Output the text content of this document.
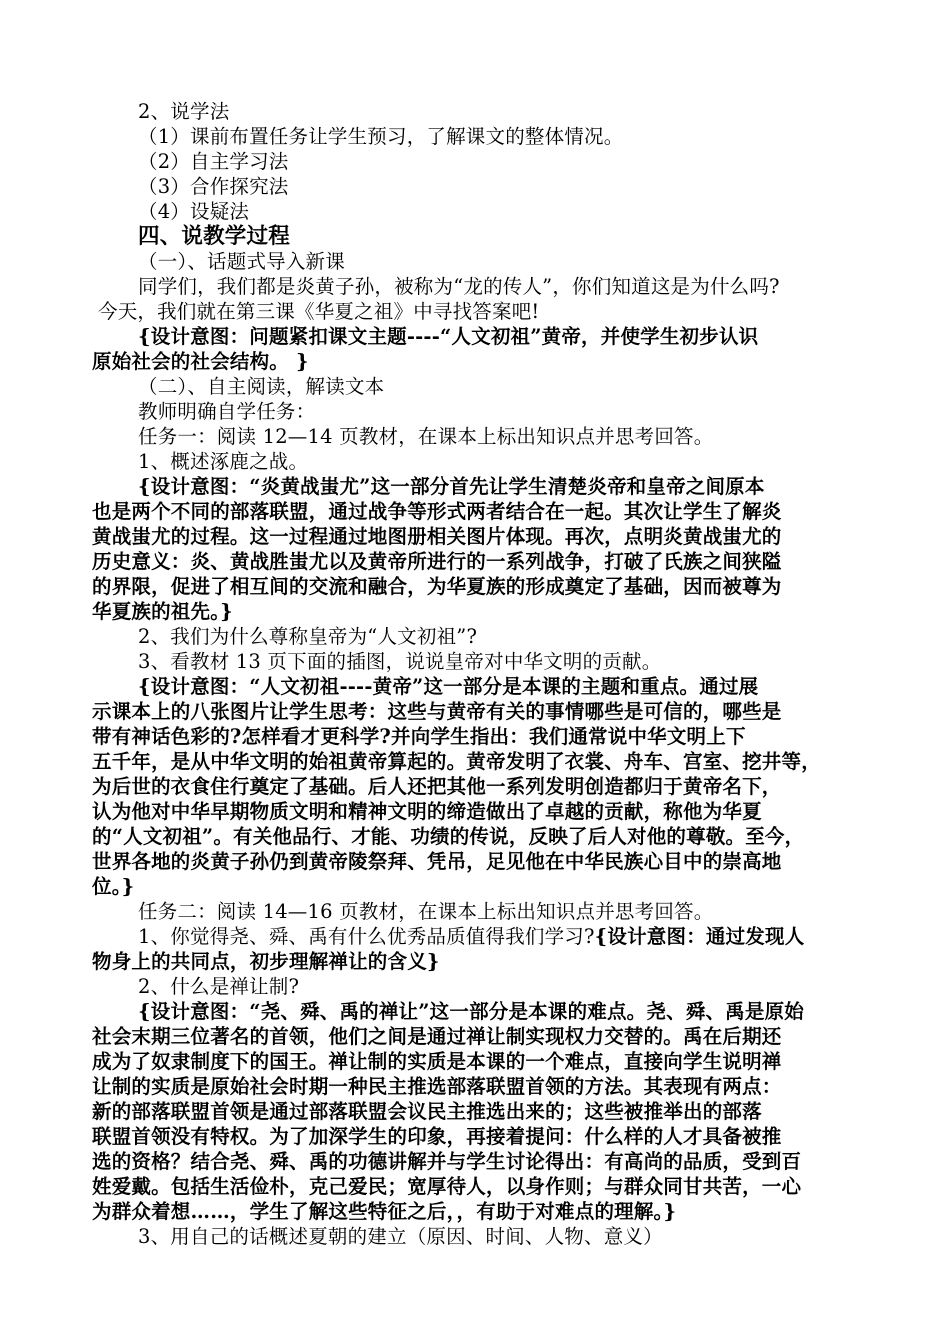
2、说学法
（1）课前布置任务让学生预习，了解课文的整体情况。
（2）自主学习法
（3）合作探究法
（4）设疑法
四、说教学过程
（一）、话题式导入新课
同学们，我们都是炎黄子孙，被称为“龙的传人”，你们知道这是为什么吗?
今天，我们就在第三课《华夏之祖》中寻找答案吧!
{设计意图：问题紧扣课文主题----“人文初祖”黄帝，并使学生初步认识
原始社会的社会结构。 }
（二）、自主阅读，解读文本
教师明确自学任务：
任务一：阅读 12—14 页教材，在课本上标出知识点并思考回答。
1、概述涿鹿之战。
{设计意图：“炎黄战蚩尤”这一部分首先让学生清楚炎帝和皇帝之间原本
也是两个不同的部落联盟，通过战争等形式两者结合在一起。其次让学生了解炎
黄战蚩尤的过程。这一过程通过地图册相关图片体现。再次，点明炎黄战蚩尤的
历史意义：炎、黄战胜蚩尤以及黄帝所进行的一系列战争，打破了氏族之间狭隘
的界限，促进了相互间的交流和融合，为华夏族的形成奠定了基础，因而被尊为
华夏族的祖先。}
2、我们为什么尊称皇帝为“人文初祖”?
3、看教材 13 页下面的插图，说说皇帝对中华文明的贡献。
{设计意图：“人文初祖----黄帝”这一部分是本课的主题和重点。通过展
示课本上的八张图片让学生思考：这些与黄帝有关的事情哪些是可信的，哪些是
带有神话色彩的?怎样看才更科学?并向学生指出：我们通常说中华文明上下
五千年，是从中华文明的始祖黄帝算起的。黄帝发明了衣裳、舟车、宫室、挖井等，
为后世的衣食住行奠定了基础。后人还把其他一系列发明创造都归于黄帝名下，
认为他对中华早期物质文明和精神文明的缔造做出了卓越的贡献，称他为华夏
的“人文初祖”。有关他品行、才能、功绩的传说，反映了后人对他的尊敬。至今，
世界各地的炎黄子孙仍到黄帝陵祭拜、凭吊，足见他在中华民族心目中的崇高地
位。}
任务二：阅读 14—16 页教材，在课本上标出知识点并思考回答。
1、你觉得尧、舜、禹有什么优秀品质值得我们学习?{设计意图：通过发现人
物身上的共同点，初步理解禅让的含义}
2、什么是禅让制?
{设计意图：“尧、舜、禹的禅让”这一部分是本课的难点。尧、舜、禹是原始
社会末期三位著名的首领，他们之间是通过禅让制实现权力交替的。禹在后期还
成为了奴隶制度下的国王。禅让制的实质是本课的一个难点，直接向学生说明禅
让制的实质是原始社会时期一种民主推选部落联盟首领的方法。其表现有两点：
新的部落联盟首领是通过部落联盟会议民主推选出来的；这些被推举出的部落
联盟首领没有特权。为了加深学生的印象，再接着提问：什么样的人才具备被推
选的资格？结合尧、舜、禹的功德讲解并与学生讨论得出：有高尚的品质，受到百
姓爱戴。包括生活俭朴，克己爱民；宽厚待人，以身作则；与群众同甘共苦，一心
为群众着想……，学生了解这些特征之后，，有助于对难点的理解。}
3、用自己的话概述夏朝的建立（原因、时间、人物、意义）
